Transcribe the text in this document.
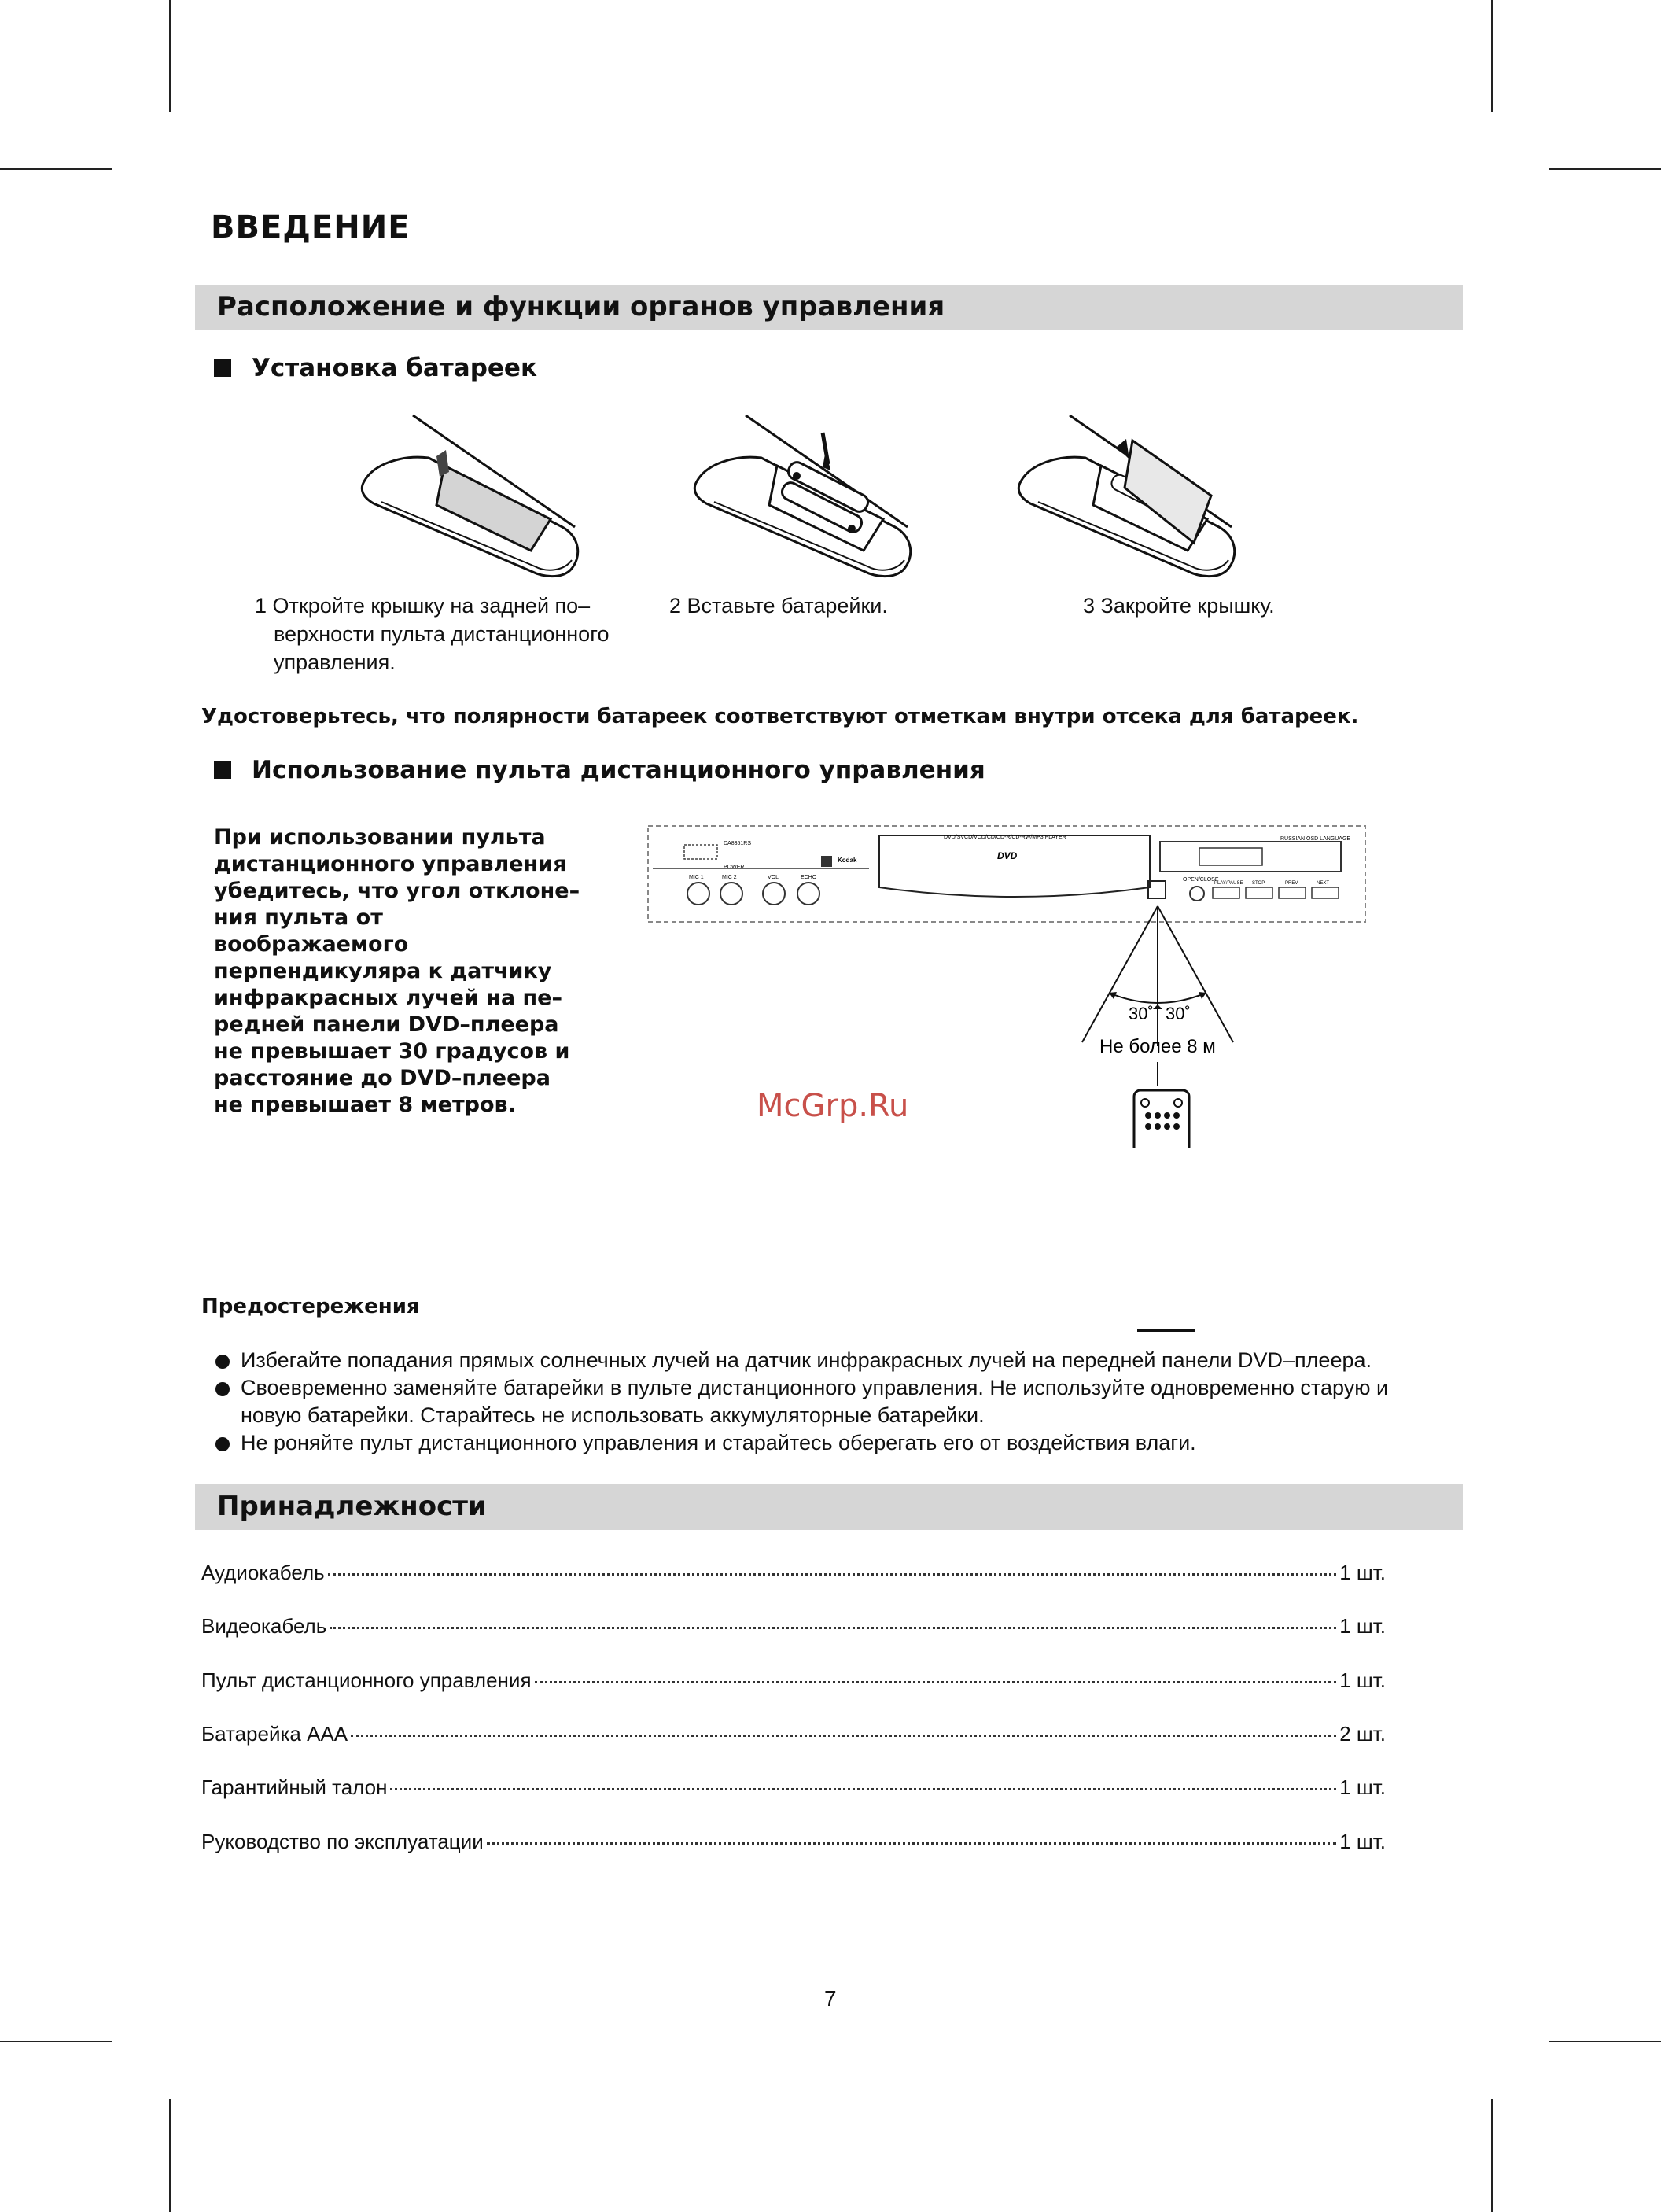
ВВЕДЕНИЕ
Расположение и функции органов управления
Установка батареек
1 Откройте крышку на задней по–
верхности пульта дистанционного
управления.
2 Вставьте батарейки.	3 Закройте крышку.
Удостоверьтесь, что полярности батареек соответствуют отметкам внутри отсека для батареек.
Использование пульта дистанционного управления
При использовании пульта
дистанционного управления
убедитесь, что угол отклоне–
ния пульта от воображаемого
перпендикуляра к датчику
инфракрасных лучей на пе–
редней панели DVD–плеера
не превышает 30 градусов и
расстояние до DVD–плеера
не превышает 8 метров.
POWER
DA8351RS
DVD/SVCD/VCD/CD/CD-R/CD-RW/MP3 PLAYER
DVD
Kodak
RUSSIAN OSD LANGUAGE
MIC 1	MIC 2	VOL	ECHO	OPEN/CLOSE
PLAY/PAUSE STOP	PREV	NEXT
30˚ 30˚
Не более 8 м
McGrp.Ru
Предостережения
Избегайте попадания прямых солнечных лучей на датчик инфракрасных лучей на передней панели DVD–плеера.
Своевременно заменяйте батарейки в пульте дистанционного управления. Не используйте одновременно старую и
новую батарейки. Старайтесь не использовать аккумуляторные батарейки.
Не роняйте пульт дистанционного управления и старайтесь оберегать его от воздействия влаги.
Принадлежности
Аудиокабель	1 шт.
Видеокабель	1 шт.
Пульт дистанционного управления	1 шт.
Батарейка AAA	2 шт.
Гарантийный талон	1 шт.
Руководство по эксплуатации	1 шт.
7
